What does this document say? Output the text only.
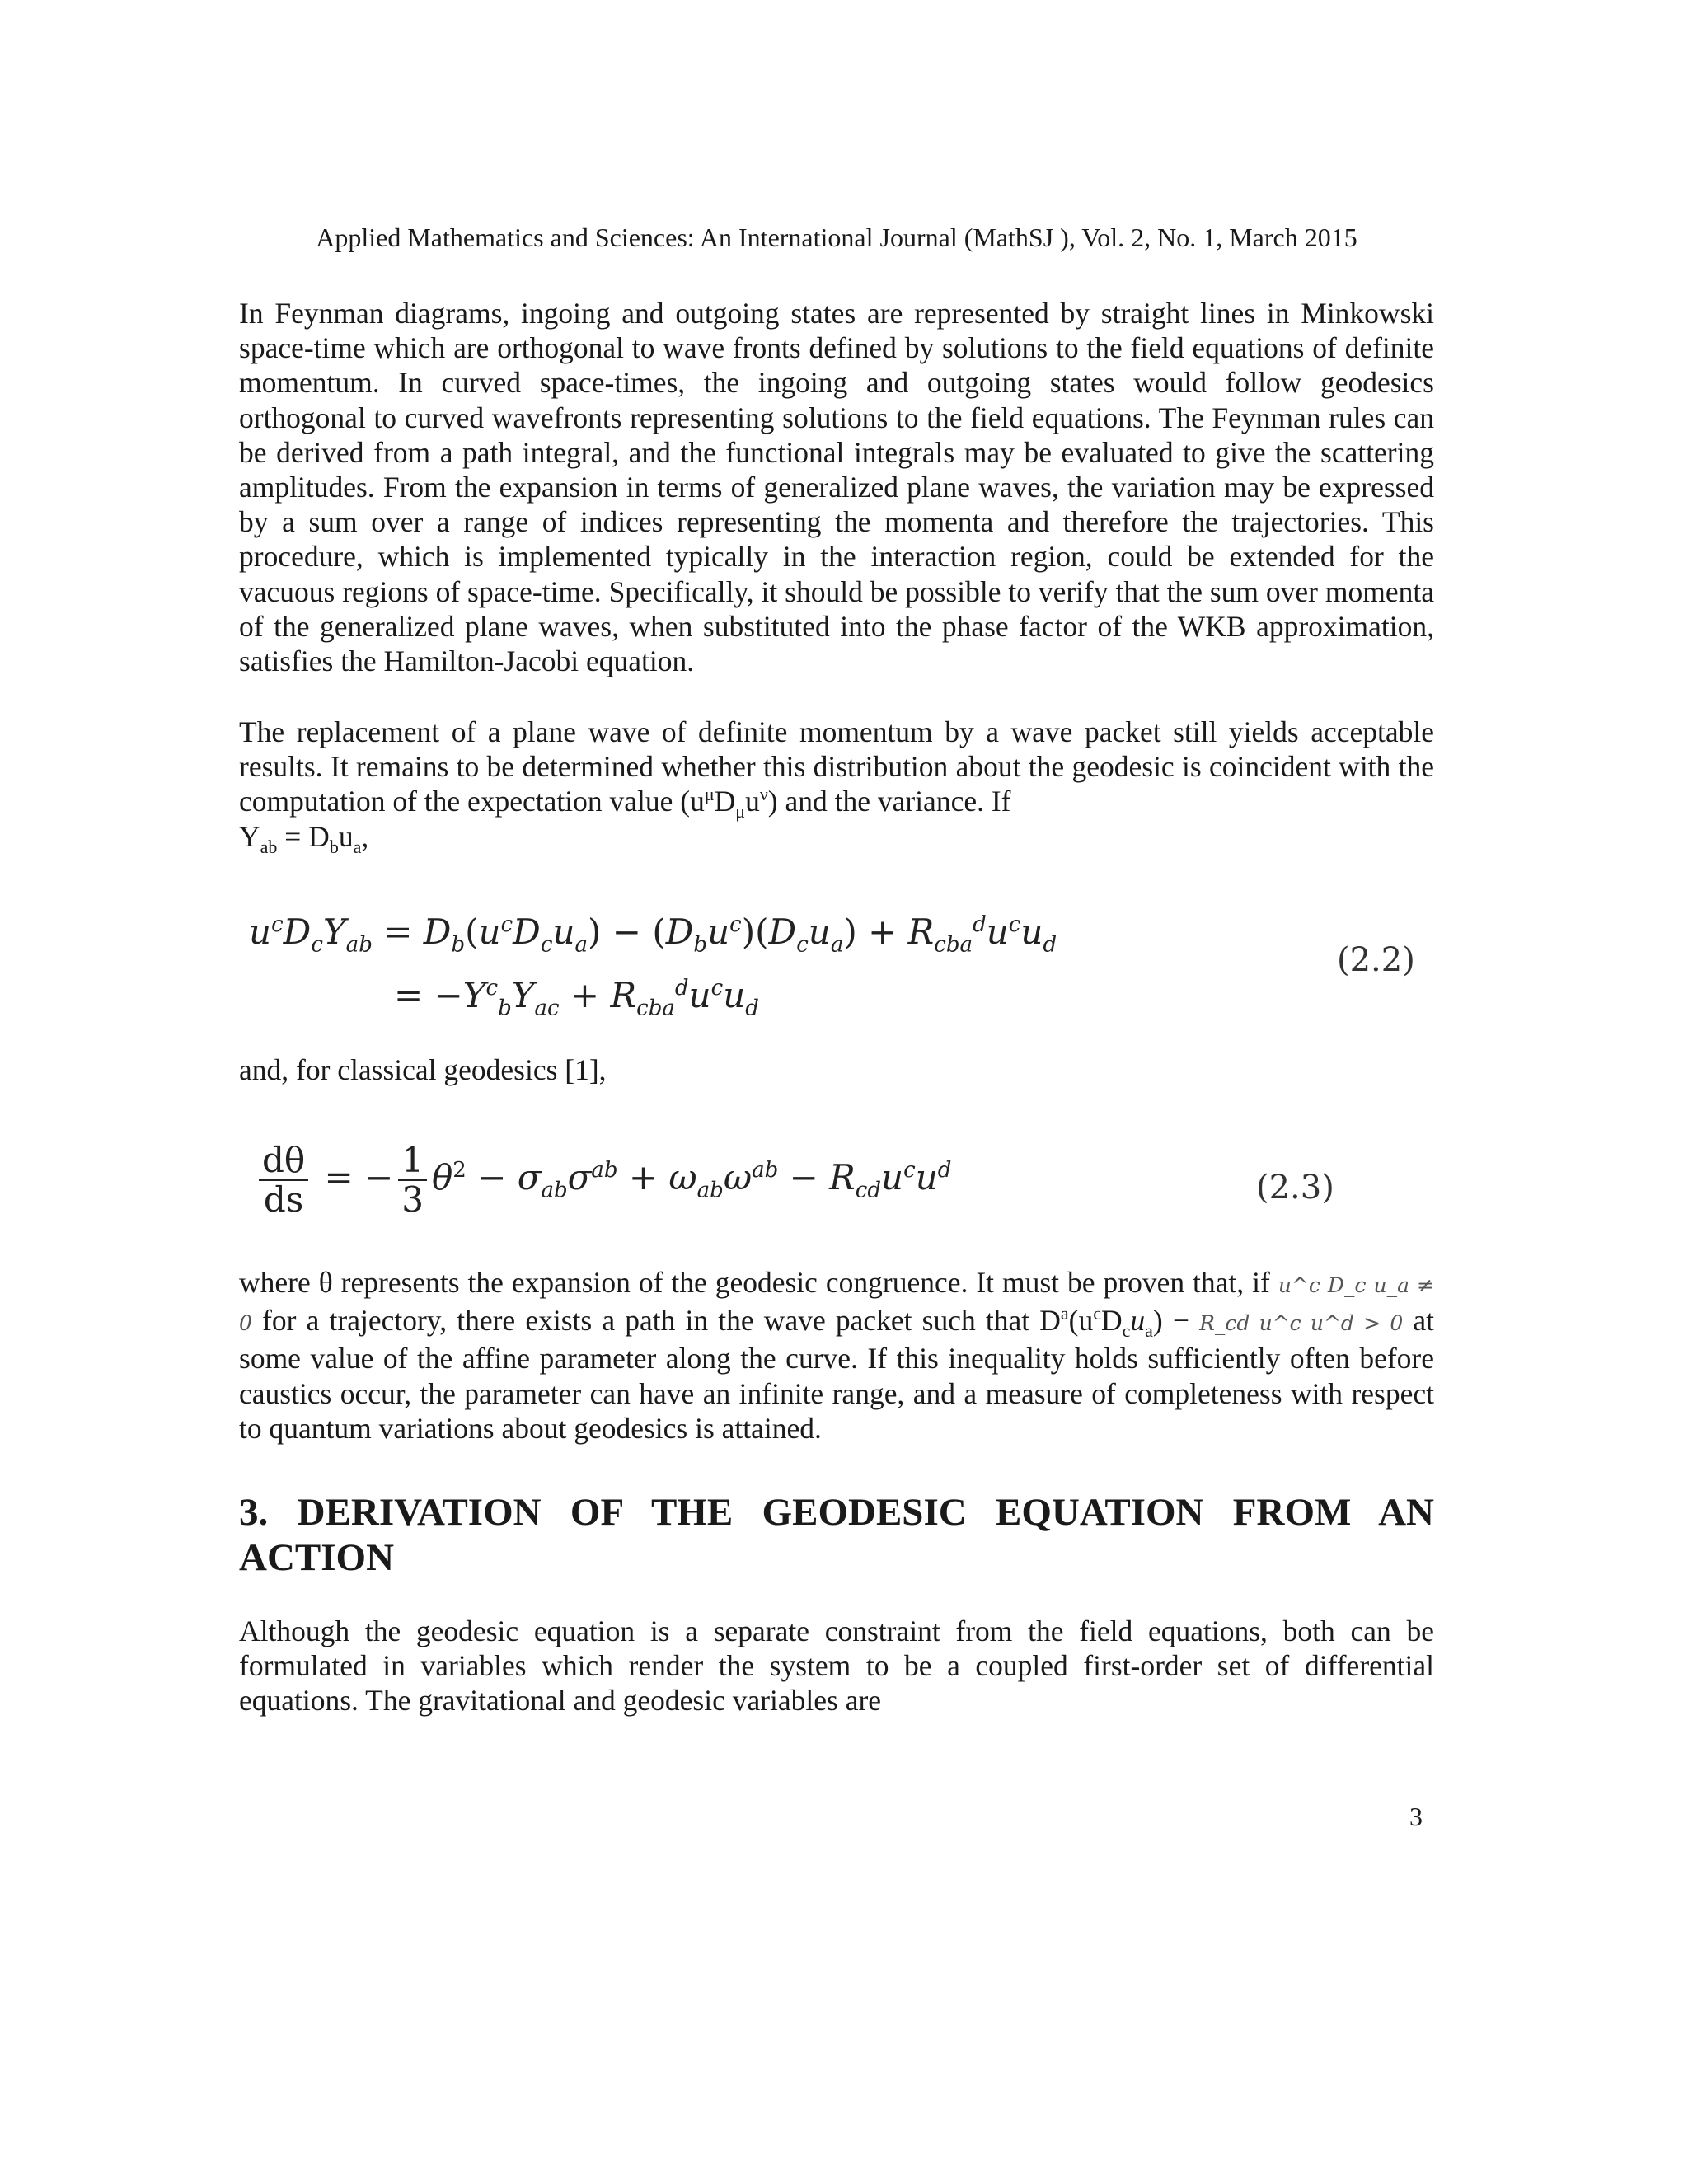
Applied Mathematics and Sciences: An International Journal (MathSJ ), Vol. 2, No. 1, March 2015

In Feynman diagrams, ingoing and outgoing states are represented by straight lines in Minkowski space-time which are orthogonal to wave fronts defined by solutions to the field equations of definite momentum. In curved space-times, the ingoing and outgoing states would follow geodesics orthogonal to curved wavefronts representing solutions to the field equations. The Feynman rules can be derived from a path integral, and the functional integrals may be evaluated to give the scattering amplitudes. From the expansion in terms of generalized plane waves, the variation may be expressed by a sum over a range of indices representing the momenta and therefore the trajectories. This procedure, which is implemented typically in the interaction region, could be extended for the vacuous regions of space-time. Specifically, it should be possible to verify that the sum over momenta of the generalized plane waves, when substituted into the phase factor of the WKB approximation, satisfies the Hamilton-Jacobi equation.

The replacement of a plane wave of definite momentum by a wave packet still yields acceptable results. It remains to be determined whether this distribution about the geodesic is coincident with the computation of the expectation value $(u^\mu D_\mu u^\nu)$ and the variance. If
$Y_{ab} = D_bu_a$,

$u^cD_cY_{ab} = D_b(u^cD_cu_a) - (D_bu^c)(D_cu_a) + R_{cba}^du^cu_d$
= $-Y^c_bY_{ac} + R_{cba}^du^cu_d$
(2.2)

and, for classical geodesics [1],

$\frac{d\theta}{ds}$ = − $\frac{1}{3} \theta^2 - \sigma_{ab}\sigma^{ab} + \omega_{ab}\omega^{ab} - R_{cd}u^cu^d$	(2.3)

where θ represents the expansion of the geodesic congruence. It must be proven that, if u^c D_c u_a ≠ 0 for a trajectory, there exists a path in the wave packet such that $D^a(u^cD_cu_a)$ − R_cd u^c u^d > 0 at some value of the affine parameter along the curve. If this inequality holds sufficiently often before caustics occur, the parameter can have an infinite range, and a measure of completeness with respect to quantum variations about geodesics is attained.

3. DERIVATION OF THE GEODESIC EQUATION FROM AN
ACTION

Although the geodesic equation is a separate constraint from the field equations, both can be formulated in variables which render the system to be a coupled first-order set of differential equations. The gravitational and geodesic variables are

3
